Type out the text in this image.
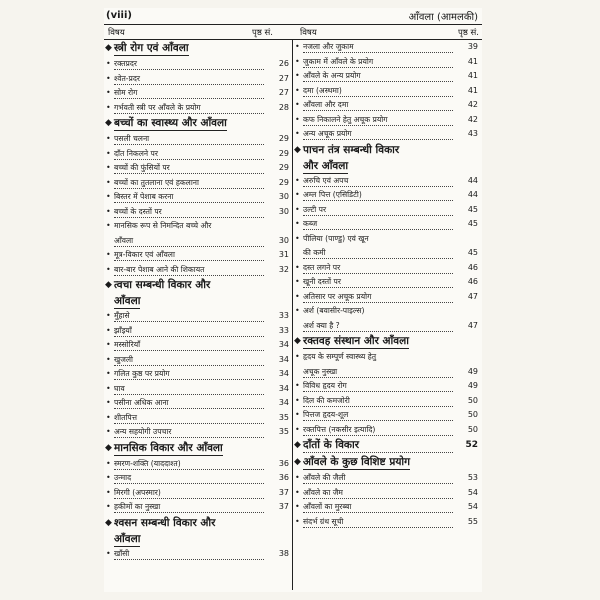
(viii)	आँवला (आमलकी)
विषय	पृष्ठ सं.	विषय	पृष्ठ सं.
◆ स्त्री रोग एवं आँवला
• रक्तप्रदर	26
• श्वेत-प्रदर	27
• सोम रोग	27
• गर्भवती स्त्री पर आँवले के प्रयोग	28
◆ बच्चों का स्वास्थ्य और आँवला
• पसली चलना	29
• दाँत निकलने पर	29
• बच्चों की फुंसियों पर	29
• बच्चों का तुतलाना एवं हकलाना	29
• बिस्तर में पेशाब करना	30
• बच्चों के दस्तों पर	30
• मानसिक रूप से निमन्दित बच्चे और
आँवला	30
• मूत्र-विकार एवं आँवला	31
• बार-बार पेशाब आने की शिकायत	32
◆ त्वचा सम्बन्धी विकार और
आँवला
• मुँहासे	33
• झाँइयाँ	33
• मस्सोरियाँ	34
• खुजली	34
• गलित कुष्ठ पर प्रयोग	34
• घाव	34
• पसीना अधिक आना	34
• शीतपित्त	35
• अन्य सहयोगी उपचार	35
◆ मानसिक विकार और आँवला
• स्मरण-शक्ति (याददाश्त)	36
• उन्माद	36
• मिरगी (अपस्मार)	37
• हकीमों का नुस्खा	37
◆ श्वसन सम्बन्धी विकार और
आँवला
• खाँसी	38
• नजला और जुकाम	39
• जुकाम में आँवले के प्रयोग	41
• आँवले के अन्य प्रयोग	41
• दमा (अस्थमा)	41
• आँवला और दमा	42
• कफ निकालने हेतु अचूक प्रयोग	42
• अन्य अचूक प्रयोग	43
◆ पाचन तंत्र सम्बन्धी विकार
और आँवला
• अरुचि एवं अपच	44
• अम्ल पित्त (एसिडिटी)	44
• उल्टी पर	45
• कब्ज	45
• पीलिया (पाण्डु) एवं खून
की कमी	45
• दस्त लगने पर	46
• खूनी दस्तों पर	46
• अतिसार पर अचूक प्रयोग	47
• अर्श (बवासीर-पाइल्स)
अर्श क्या है ?	47
◆ रक्तवह संस्थान और आँवला
• हृदय के सम्पूर्ण स्वास्थ्य हेतु
अचूक नुस्खा	49
• विविध हृदय रोग	49
• दिल की कमजोरी	50
• पित्तज हृदय-शूल	50
• रक्तपित्त (नकसीर इत्यादि)	50
◆ दाँतों के विकार	52
◆ आँवले के कुछ विशिष्ट प्रयोग
• आँवले की जैली	53
• आँवले का जैम	54
• आँवलों का मुरब्बा	54
• संदर्भ ग्रंथ सूची	55
